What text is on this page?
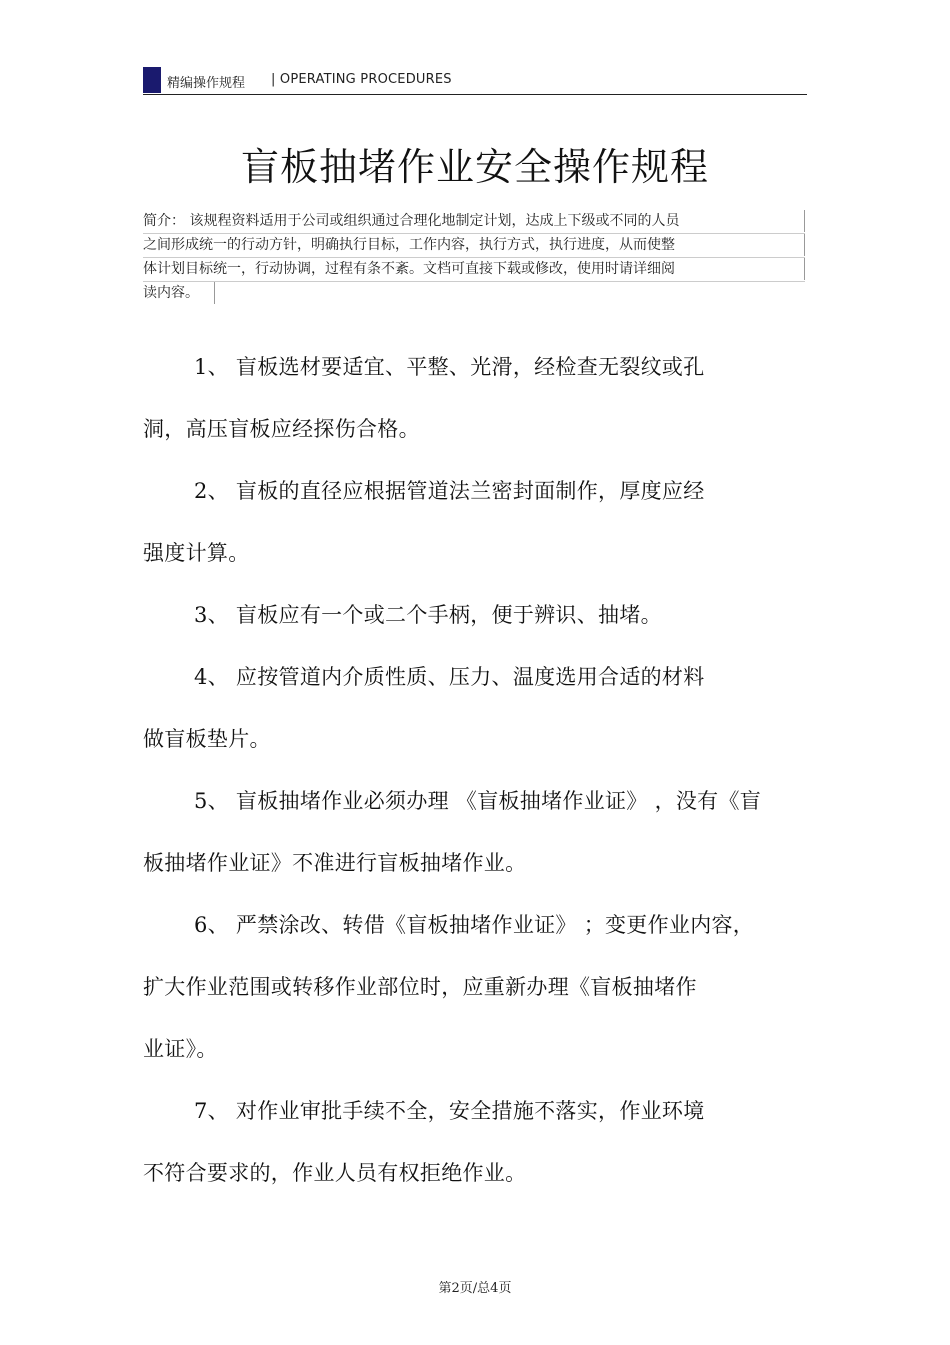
精编操作规程 | OPERATING PROCEDURES
盲板抽堵作业安全操作规程
简介： 该规程资料适用于公司或组织通过合理化地制定计划，达成上下级或不同的人员
之间形成统一的行动方针，明确执行目标，工作内容，执行方式，执行进度，从而使整
体计划目标统一，行动协调，过程有条不紊。文档可直接下载或修改，使用时请详细阅
读内容。
1、 盲板选材要适宜、平整、光滑，经检查无裂纹或孔
洞，高压盲板应经探伤合格。
2、 盲板的直径应根据管道法兰密封面制作，厚度应经
强度计算。
3、 盲板应有一个或二个手柄，便于辨识、抽堵。
4、 应按管道内介质性质、压力、温度选用合适的材料
做盲板垫片。
5、 盲板抽堵作业必须办理 《盲板抽堵作业证》 ，没有《盲
板抽堵作业证》不准进行盲板抽堵作业。
6、 严禁涂改、转借《盲板抽堵作业证》 ；变更作业内容，
扩大作业范围或转移作业部位时，应重新办理《盲板抽堵作
业证》。
7、 对作业审批手续不全，安全措施不落实，作业环境
不符合要求的，作业人员有权拒绝作业。
第2页/总4页
